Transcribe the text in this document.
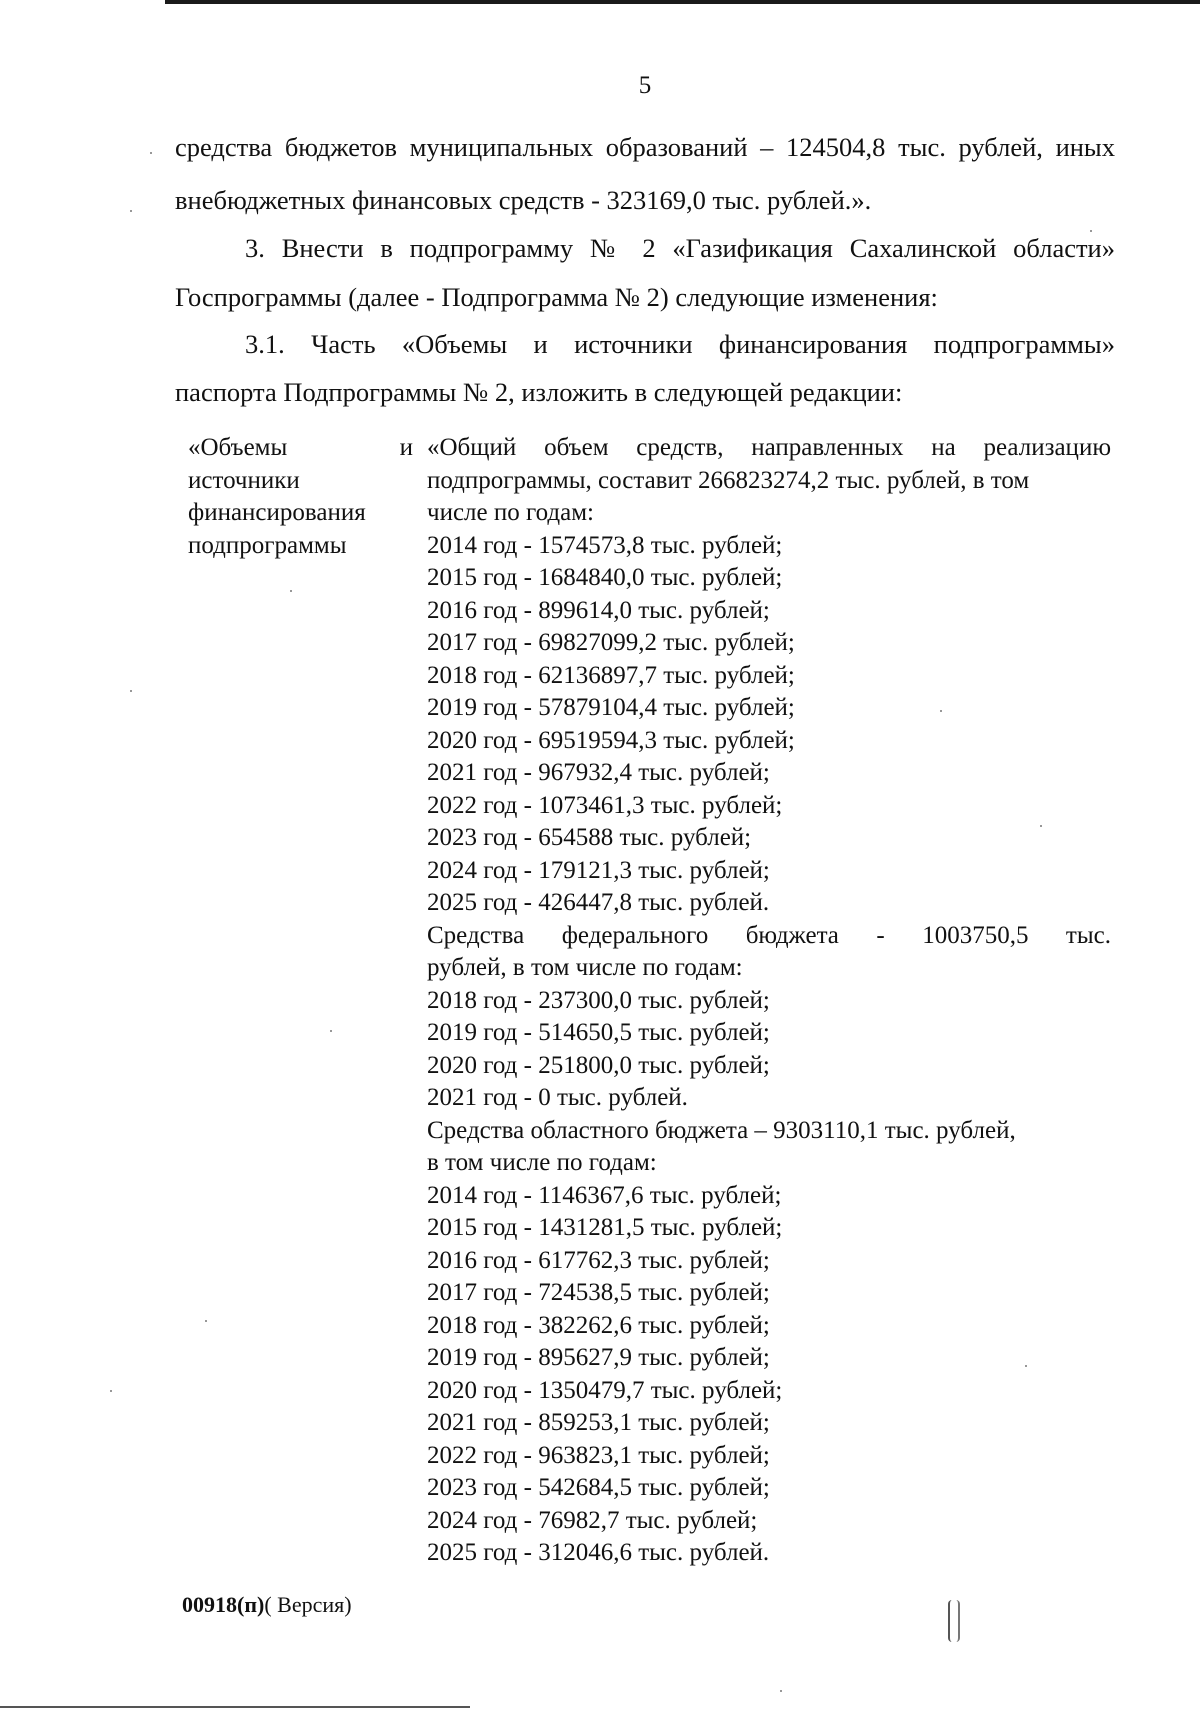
5

средства бюджетов муниципальных образований – 124504,8 тыс. рублей, иных

внебюджетных финансовых средств - 323169,0 тыс. рублей.».

3. Внести в подпрограмму № 2 «Газификация Сахалинской области»

Госпрограммы (далее - Подпрограмма № 2) следующие изменения:

3.1. Часть «Объемы и источники финансирования подпрограммы»

паспорта Подпрограммы № 2, изложить в следующей редакции:

«Объемы	и
источники
финансирования
подпрограммы
«Общий объем средств, направленных на реализацию
подпрограммы, составит 266823274,2 тыс. рублей, в том
числе по годам:
2014 год - 1574573,8 тыс. рублей;
2015 год - 1684840,0 тыс. рублей;
2016 год - 899614,0 тыс. рублей;
2017 год - 69827099,2 тыс. рублей;
2018 год - 62136897,7 тыс. рублей;
2019 год - 57879104,4 тыс. рублей;
2020 год - 69519594,3 тыс. рублей;
2021 год - 967932,4 тыс. рублей;
2022 год - 1073461,3 тыс. рублей;
2023 год - 654588 тыс. рублей;
2024 год - 179121,3 тыс. рублей;
2025 год - 426447,8 тыс. рублей.
Средства федерального бюджета - 1003750,5 тыс.
рублей, в том числе по годам:
2018 год - 237300,0 тыс. рублей;
2019 год - 514650,5 тыс. рублей;
2020 год - 251800,0 тыс. рублей;
2021 год - 0 тыс. рублей.
Средства областного бюджета – 9303110,1 тыс. рублей,
в том числе по годам:
2014 год - 1146367,6 тыс. рублей;
2015 год - 1431281,5 тыс. рублей;
2016 год - 617762,3 тыс. рублей;
2017 год - 724538,5 тыс. рублей;
2018 год - 382262,6 тыс. рублей;
2019 год - 895627,9 тыс. рублей;
2020 год - 1350479,7 тыс. рублей;
2021 год - 859253,1 тыс. рублей;
2022 год - 963823,1 тыс. рублей;
2023 год - 542684,5 тыс. рублей;
2024 год - 76982,7 тыс. рублей;
2025 год - 312046,6 тыс. рублей.
00918(п)( Версия)
